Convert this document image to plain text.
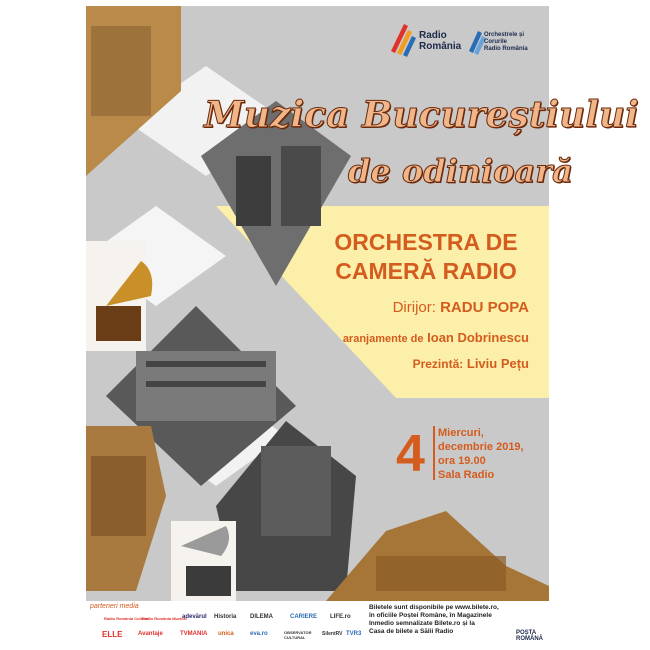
Radio
România
Orchestrele și
Corurile
Radio România
Muzica Bucureștiului
de odinioară
ORCHESTRA DE
CAMERĂ RADIO
Dirijor: RADU POPA
aranjamente de Ioan Dobrinescu
Prezintă: Liviu Pețu
4 Miercuri,
decembrie 2019,
ora 19.00
Sala Radio
parteneri media
Radio România Cultural
Radio România Muzical
adevărul Historia DILEMA	CARIERE LIFE.ro
ELLE	Avantaje	TVMANIA unica	eva.ro	OBSERVATOR CULTURAL
SilentRV TVR3
Biletele sunt disponibile pe www.bilete.ro,
în oficiile Poștei Române, în Magazinele
Inmedio semnalizate Bilete.ro și la
Casa de bilete a Sălii Radio	POȘTA ROMÂNĂ
